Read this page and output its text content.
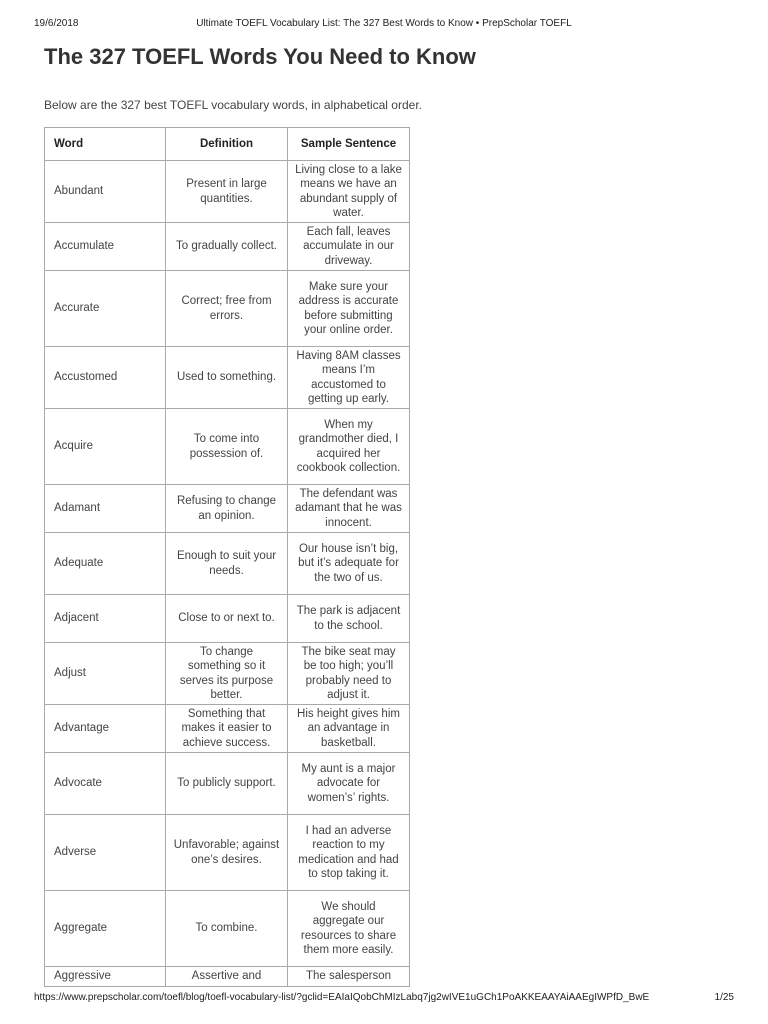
19/6/2018	Ultimate TOEFL Vocabulary List: The 327 Best Words to Know • PrepScholar TOEFL
The 327 TOEFL Words You Need to Know

Below are the 327 best TOEFL vocabulary words, in alphabetical order.

Word	Definition	Sample Sentence
Abundant	Present in large quantities.	Living close to a lake means we have an abundant supply of water.
Accumulate	To gradually collect.	Each fall, leaves accumulate in our driveway.
Accurate	Correct; free from errors.	Make sure your address is accurate before submitting your online order.
Accustomed	Used to something.	Having 8AM classes means I’m accustomed to getting up early.
Acquire	To come into possession of.	When my grandmother died, I acquired her cookbook collection.
Adamant	Refusing to change an opinion.	The defendant was adamant that he was innocent.
Adequate	Enough to suit your needs.	Our house isn’t big, but it’s adequate for the two of us.
Adjacent	Close to or next to.	The park is adjacent to the school.
Adjust	To change something so it serves its purpose better.	The bike seat may be too high; you’ll probably need to adjust it.
Advantage	Something that makes it easier to achieve success.	His height gives him an advantage in basketball.
Advocate	To publicly support.	My aunt is a major advocate for women’s’ rights.
Adverse	Unfavorable; against one’s desires.	I had an adverse reaction to my medication and had to stop taking it.
Aggregate	To combine.	We should aggregate our resources to share them more easily.
Aggressive	Assertive and	The salesperson
https://www.prepscholar.com/toefl/blog/toefl-vocabulary-list/?gclid=EAIaIQobChMIzLabq7jg2wIVE1uGCh1PoAKKEAAYAiAAEgIWPfD_BwE	1/25
